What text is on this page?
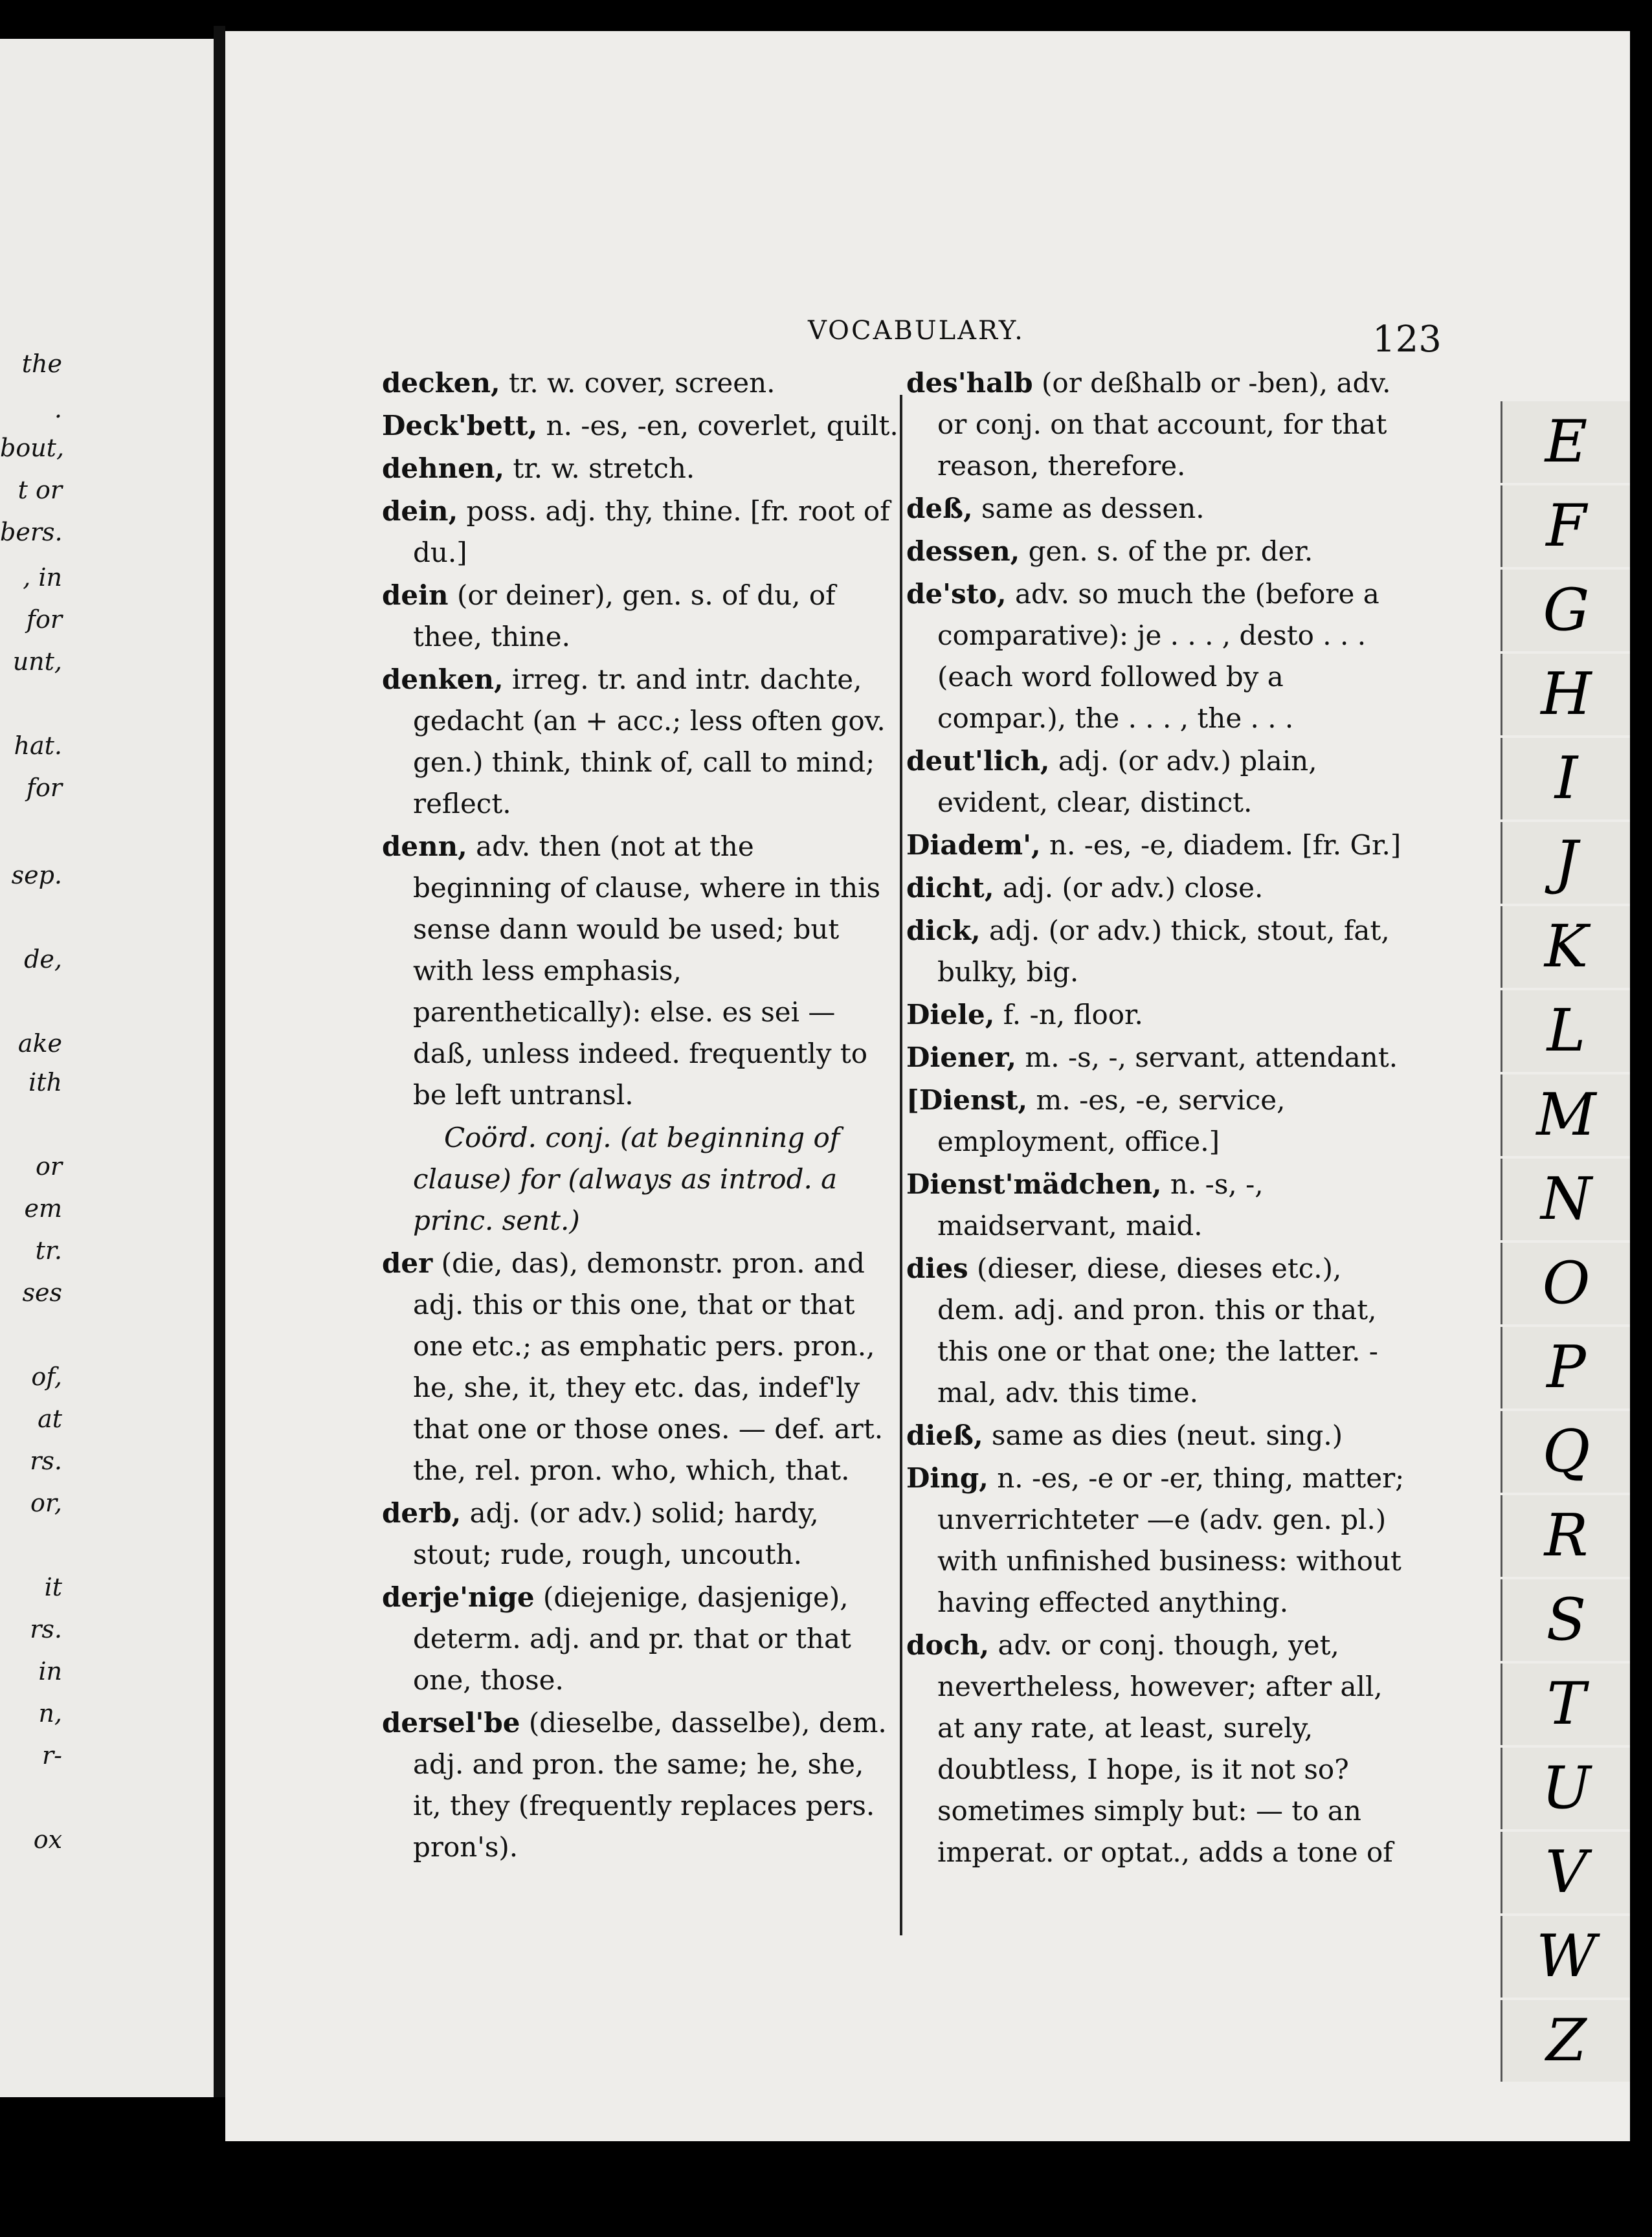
the
.
bout,
t or
bers.
, in
for
unt,
hat.
for
sep.
de,
ake
ith
or
em
tr.
ses
of,
at
rs.
or,
it
rs.
in
n,
r-
ox
VOCABULARY.	123
decken, tr. w. cover, screen.
Deck'bett, n. -es, -en, coverlet, quilt.
dehnen, tr. w. stretch.
dein, poss. adj. thy, thine. [fr. root of du.]
dein (or deiner), gen. s. of du, of thee, thine.
denken, irreg. tr. and intr. dachte, gedacht (an + acc.; less often gov. gen.) think, think of, call to mind; reflect.
denn, adv. then (not at the beginning of clause, where in this sense dann would be used; but with less emphasis, parenthetically): else. es sei — daß, unless indeed. frequently to be left untransl.
Coörd. conj. (at beginning of clause) for (always as introd. a princ. sent.)
der (die, das), demonstr. pron. and adj. this or this one, that or that one etc.; as emphatic pers. pron., he, she, it, they etc. das, indef'ly that one or those ones. — def. art. the, rel. pron. who, which, that.
derb, adj. (or adv.) solid; hardy, stout; rude, rough, uncouth.
derje'nige (diejenige, dasjenige), determ. adj. and pr. that or that one, those.
dersel'be (dieselbe, dasselbe), dem. adj. and pron. the same; he, she, it, they (frequently replaces pers. pron's).
des'halb (or deßhalb or -ben), adv. or conj. on that account, for that reason, therefore.
deß, same as dessen.
dessen, gen. s. of the pr. der.
de'sto, adv. so much the (before a comparative): je . . . , desto . . . (each word followed by a compar.), the . . . , the . . .
deut'lich, adj. (or adv.) plain, evident, clear, distinct.
Diadem', n. -es, -e, diadem. [fr. Gr.]
dicht, adj. (or adv.) close.
dick, adj. (or adv.) thick, stout, fat, bulky, big.
Diele, f. -n, floor.
Diener, m. -s, -, servant, attendant.
[Dienst, m. -es, -e, service, employment, office.]
Dienst'mädchen, n. -s, -, maidservant, maid.
dies (dieser, diese, dieses etc.), dem. adj. and pron. this or that, this one or that one; the latter. -mal, adv. this time.
dieß, same as dies (neut. sing.)
Ding, n. -es, -e or -er, thing, matter; unverrichteter —e (adv. gen. pl.) with unfinished business: without having effected anything.
doch, adv. or conj. though, yet, nevertheless, however; after all, at any rate, at least, surely, doubtless, I hope, is it not so? sometimes simply but: — to an imperat. or optat., adds a tone of
E
F
G
H
I
J
K
L
M
N
O
P
Q
R
S
T
U
V
W
Z
